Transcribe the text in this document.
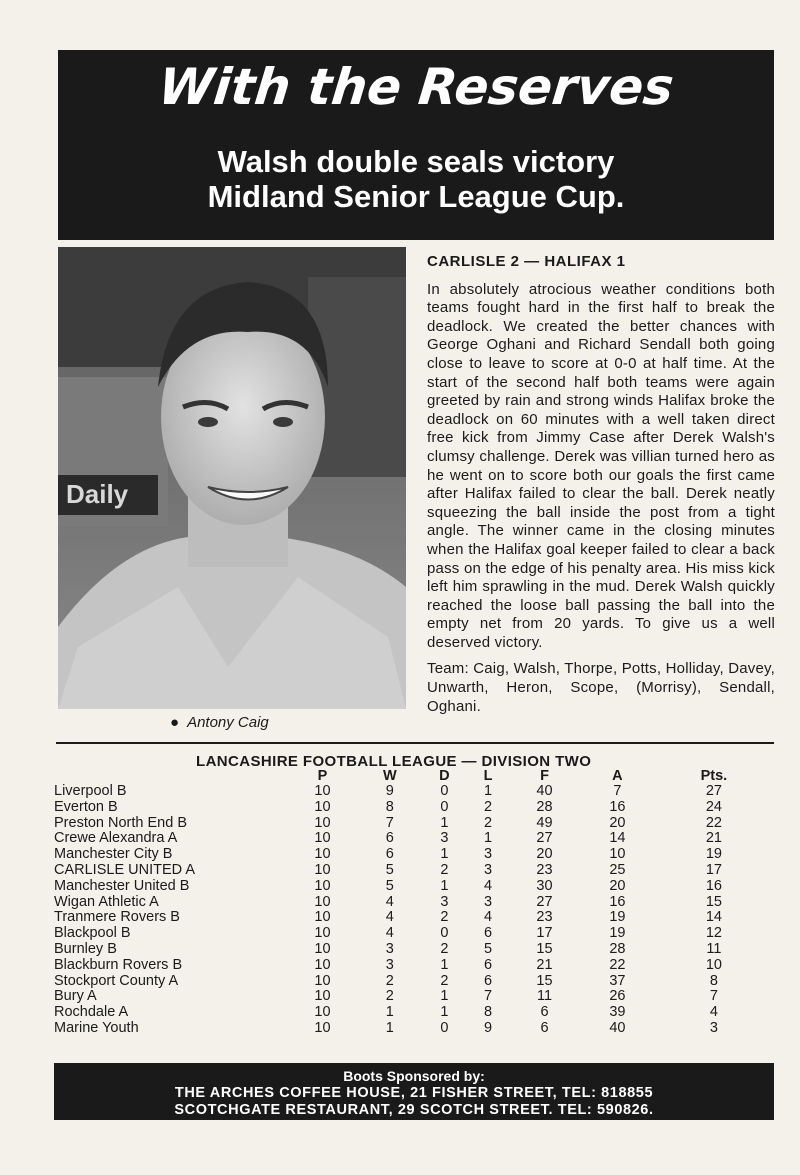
With the Reserves
Walsh double seals victory
Midland Senior League Cup.
Daily
● Antony Caig
CARLISLE 2 — HALIFAX 1

In absolutely atrocious weather conditions both teams fought hard in the first half to break the deadlock. We created the better chances with George Oghani and Richard Sendall both going close to leave to score at 0-0 at half time. At the start of the second half both teams were again greeted by rain and strong winds Halifax broke the deadlock on 60 minutes with a well taken direct free kick from Jimmy Case after Derek Walsh's clumsy challenge. Derek was villian turned hero as he went on to score both our goals the first came after Halifax failed to clear the ball. Derek neatly squeezing the ball inside the post from a tight angle. The winner came in the closing minutes when the Halifax goal keeper failed to clear a back pass on the edge of his penalty area. His miss kick left him sprawling in the mud. Derek Walsh quickly reached the loose ball passing the ball into the empty net from 20 yards. To give us a well deserved victory.

Team: Caig, Walsh, Thorpe, Potts, Holliday, Davey, Unwarth, Heron, Scope, (Morrisy), Sendall, Oghani.

LANCASHIRE FOOTBALL LEAGUE — DIVISION TWO
	P	W	D	L	F	A	Pts.
Liverpool B	10	9	0	1	40	7	27
Everton B	10	8	0	2	28	16	24
Preston North End B	10	7	1	2	49	20	22
Crewe Alexandra A	10	6	3	1	27	14	21
Manchester City B	10	6	1	3	20	10	19
CARLISLE UNITED A	10	5	2	3	23	25	17
Manchester United B	10	5	1	4	30	20	16
Wigan Athletic A	10	4	3	3	27	16	15
Tranmere Rovers B	10	4	2	4	23	19	14
Blackpool B	10	4	0	6	17	19	12
Burnley B	10	3	2	5	15	28	11
Blackburn Rovers B	10	3	1	6	21	22	10
Stockport County A	10	2	2	6	15	37	8
Bury A	10	2	1	7	11	26	7
Rochdale A	10	1	1	8	6	39	4
Marine Youth	10	1	0	9	6	40	3
Boots Sponsored by:
THE ARCHES COFFEE HOUSE, 21 FISHER STREET, TEL: 818855
SCOTCHGATE RESTAURANT, 29 SCOTCH STREET. TEL: 590826.
